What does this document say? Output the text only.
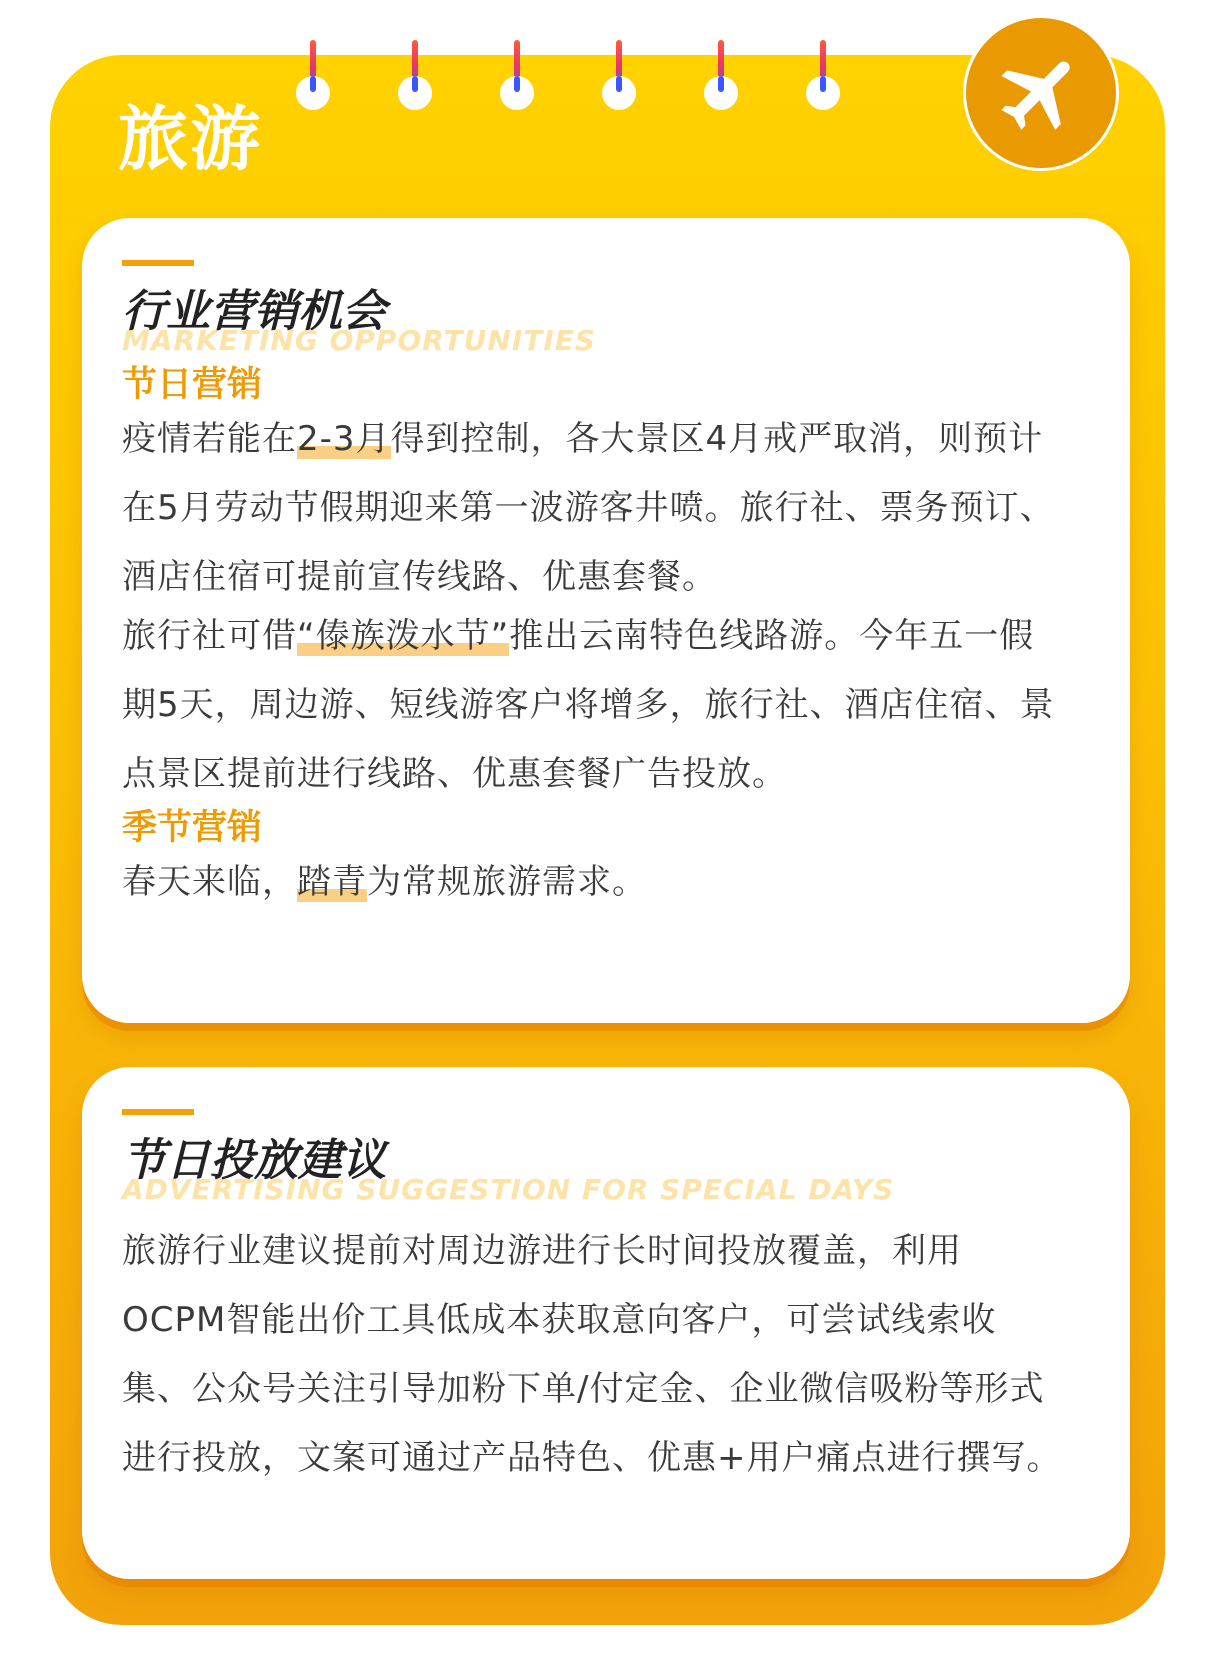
旅游
MARKETING OPPORTUNITIES
行业营销机会
节日营销

疫情若能在2-3月得到控制，各大景区4月戒严取消，则预计在5月劳动节假期迎来第一波游客井喷。旅行社、票务预订、酒店住宿可提前宣传线路、优惠套餐。

旅行社可借“傣族泼水节”推出云南特色线路游。今年五一假期5天，周边游、短线游客户将增多，旅行社、酒店住宿、景点景区提前进行线路、优惠套餐广告投放。

季节营销

春天来临，踏青为常规旅游需求。

ADVERTISING SUGGESTION FOR SPECIAL DAYS
节日投放建议

旅游行业建议提前对周边游进行长时间投放覆盖，利用OCPM智能出价工具低成本获取意向客户，可尝试线索收集、公众号关注引导加粉下单/付定金、企业微信吸粉等形式进行投放，文案可通过产品特色、优惠+用户痛点进行撰写。
